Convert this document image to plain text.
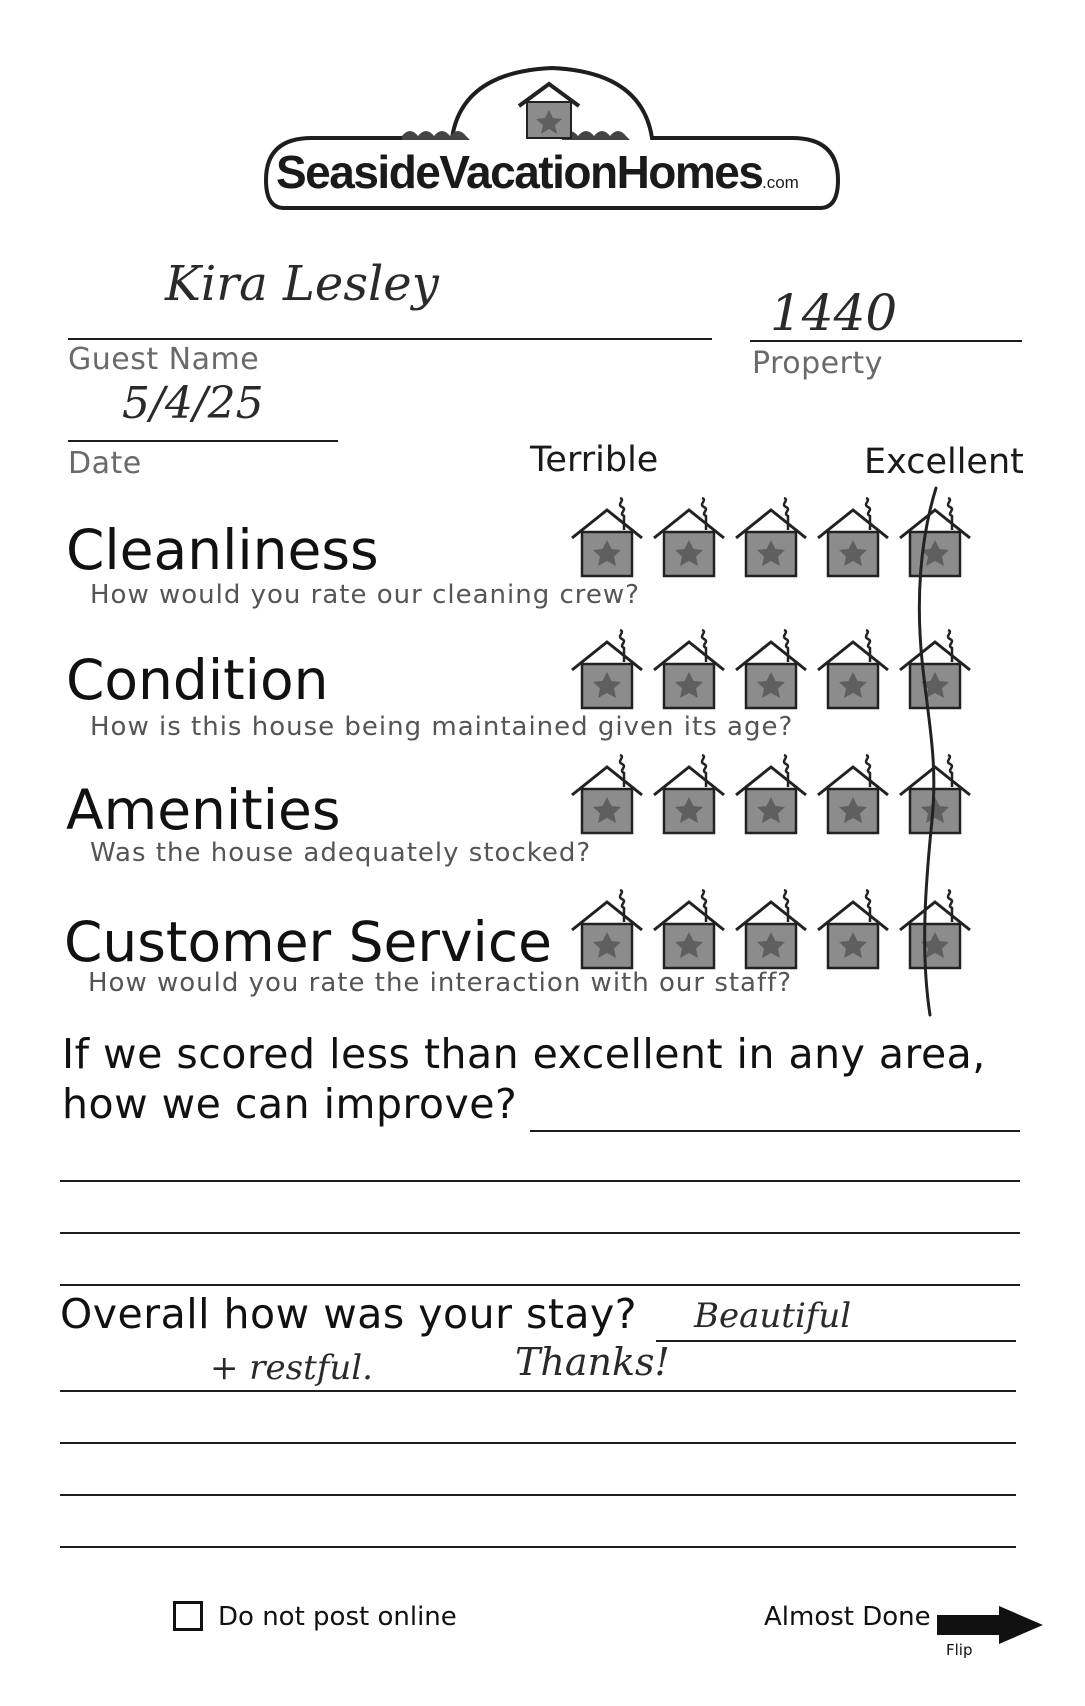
SeasideVacationHomes .com
Kira Lesley
Guest Name
1440
Property
5/4/25
Date	Terrible	Excellent
Cleanliness
How would you rate our cleaning crew?
Condition
How is this house being maintained given its age?
Amenities
Was the house adequately stocked?
Customer Service
How would you rate the interaction with our staff?
If we scored less than excellent in any area,
how we can improve?
Overall how was your stay? Beautiful
+ restful.	Thanks!
Do not post online	Almost Done
Flip
